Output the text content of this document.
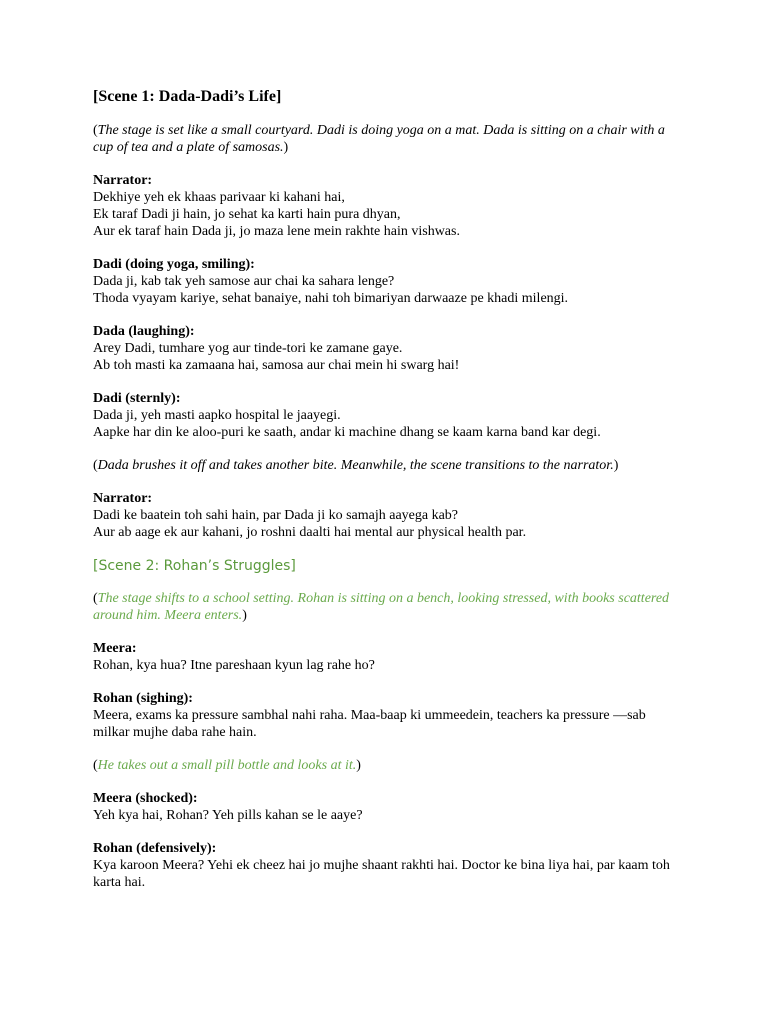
[Scene 1: Dada-Dadi’s Life]
(The stage is set like a small courtyard. Dadi is doing yoga on a mat. Dada is sitting on a chair with a cup of tea and a plate of samosas.)
Narrator:
Dekhiye yeh ek khaas parivaar ki kahani hai,
Ek taraf Dadi ji hain, jo sehat ka karti hain pura dhyan,
Aur ek taraf hain Dada ji, jo maza lene mein rakhte hain vishwas.
Dadi (doing yoga, smiling):
Dada ji, kab tak yeh samose aur chai ka sahara lenge?
Thoda vyayam kariye, sehat banaiye, nahi toh bimariyan darwaaze pe khadi milengi.
Dada (laughing):
Arey Dadi, tumhare yog aur tinde-tori ke zamane gaye.
Ab toh masti ka zamaana hai, samosa aur chai mein hi swarg hai!
Dadi (sternly):
Dada ji, yeh masti aapko hospital le jaayegi.
Aapke har din ke aloo-puri ke saath, andar ki machine dhang se kaam karna band kar degi.
(Dada brushes it off and takes another bite. Meanwhile, the scene transitions to the narrator.)
Narrator:
Dadi ke baatein toh sahi hain, par Dada ji ko samajh aayega kab?
Aur ab aage ek aur kahani, jo roshni daalti hai mental aur physical health par.
[Scene 2: Rohan’s Struggles]
(The stage shifts to a school setting. Rohan is sitting on a bench, looking stressed, with books scattered around him. Meera enters.)
Meera:
Rohan, kya hua? Itne pareshaan kyun lag rahe ho?
Rohan (sighing):
Meera, exams ka pressure sambhal nahi raha. Maa-baap ki ummeedein, teachers ka pressure —sab milkar mujhe daba rahe hain.
(He takes out a small pill bottle and looks at it.)
Meera (shocked):
Yeh kya hai, Rohan? Yeh pills kahan se le aaye?
Rohan (defensively):
Kya karoon Meera? Yehi ek cheez hai jo mujhe shaant rakhti hai. Doctor ke bina liya hai, par kaam toh karta hai.
